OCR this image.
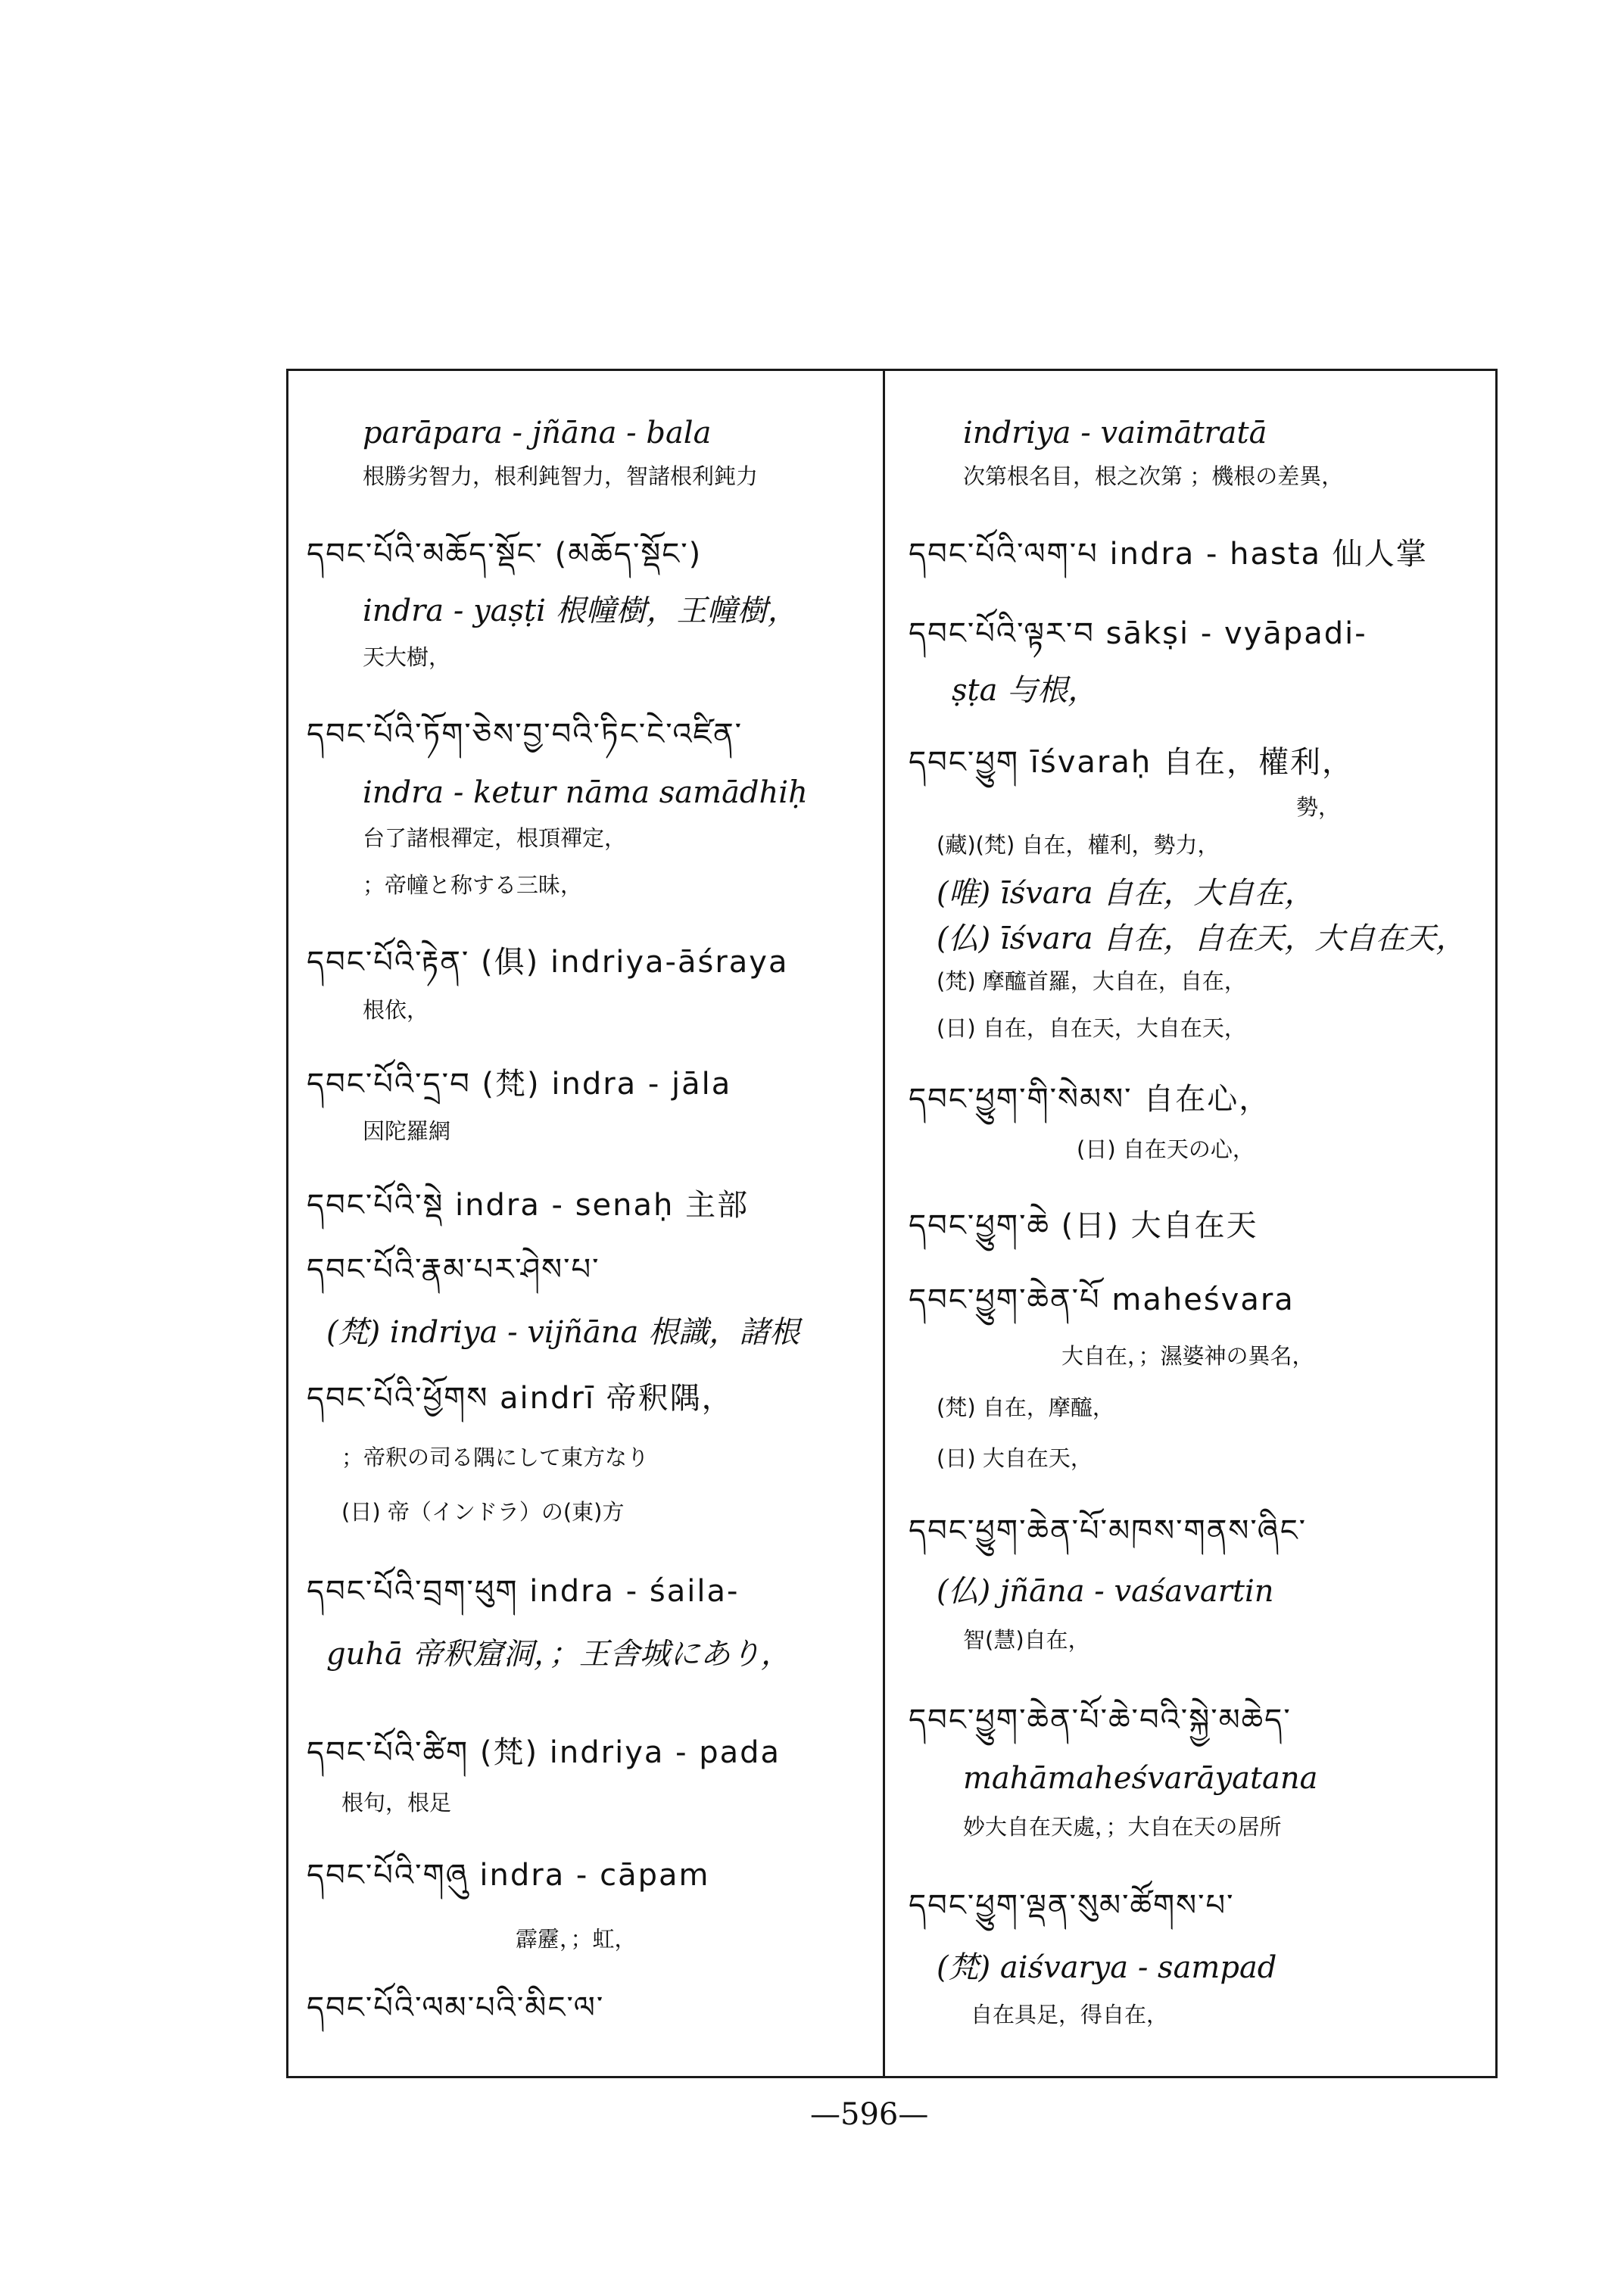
parāpara - jñāna - bala
根勝劣智力，根利鈍智力，智諸根利鈍力
དབང་པོའི་མཆོད་སྡོང་ (མཆོད་སྡོང་)
indra - yaṣṭi 根幢樹，王幢樹，
天大樹，
དབང་པོའི་ཏོག་ཅེས་བྱ་བའི་ཏིང་ངེ་འཛིན་
indra - ketur nāma samādhiḥ
台了諸根禪定，根頂禪定，
；帝幢と称する三昧，
དབང་པོའི་རྟེན་ (俱) indriya-āśraya
根依，
དབང་པོའི་དྲ་བ (梵) indra - jāla
因陀羅網
དབང་པོའི་སྡེ indra - senaḥ 主部
དབང་པོའི་རྣམ་པར་ཤེས་པ་
(梵) indriya - vijñāna 根識，諸根
དབང་པོའི་ཕྱོགས aindrī 帝釈隅，
；帝釈の司る隅にして東方なり
(日) 帝（インドラ）の(東)方
དབང་པོའི་བྲག་ཕུག indra - śaila-
guhā 帝釈窟洞，；王舎城にあり，
དབང་པོའི་ཚིག (梵) indriya - pada
根句，根足
དབང་པོའི་གཞུ indra - cāpam
霹靂，；虹，
དབང་པོའི་ལམ་པའི་མིང་ལ་
indriya - vaimātratā
次第根名目，根之次第 ；機根の差異，
དབང་པོའི་ལག་པ indra - hasta 仙人掌
དབང་པོའི་ལྟར་བ sākṣi - vyāpadi-
ṣṭa 与根，
དབང་ཕྱུག īśvaraḥ 自在，權利，
勢，
(藏)(梵) 自在，權利，勢力，
(唯) īśvara 自在，大自在，
(仏) īśvara 自在，自在天，大自在天，
(梵) 摩醯首羅，大自在，自在，
(日) 自在，自在天，大自在天，
དབང་ཕྱུག་གི་སེམས་ 自在心，
(日) 自在天の心，
དབང་ཕྱུག་ཆེ (日) 大自在天
དབང་ཕྱུག་ཆེན་པོ maheśvara
大自在，；濕婆神の異名，
(梵) 自在，摩醯，
(日) 大自在天，
དབང་ཕྱུག་ཆེན་པོ་མཁས་གནས་ཞིང་
(仏) jñāna - vaśavartin
智(慧)自在，
དབང་ཕྱུག་ཆེན་པོ་ཆེ་བའི་སྐྱེ་མཆེད་
mahāmaheśvarāyatana
妙大自在天處，；大自在天の居所
དབང་ཕྱུག་ལྡན་སུམ་ཚོགས་པ་
(梵) aiśvarya - sampad
自在具足，得自在，
—596—
